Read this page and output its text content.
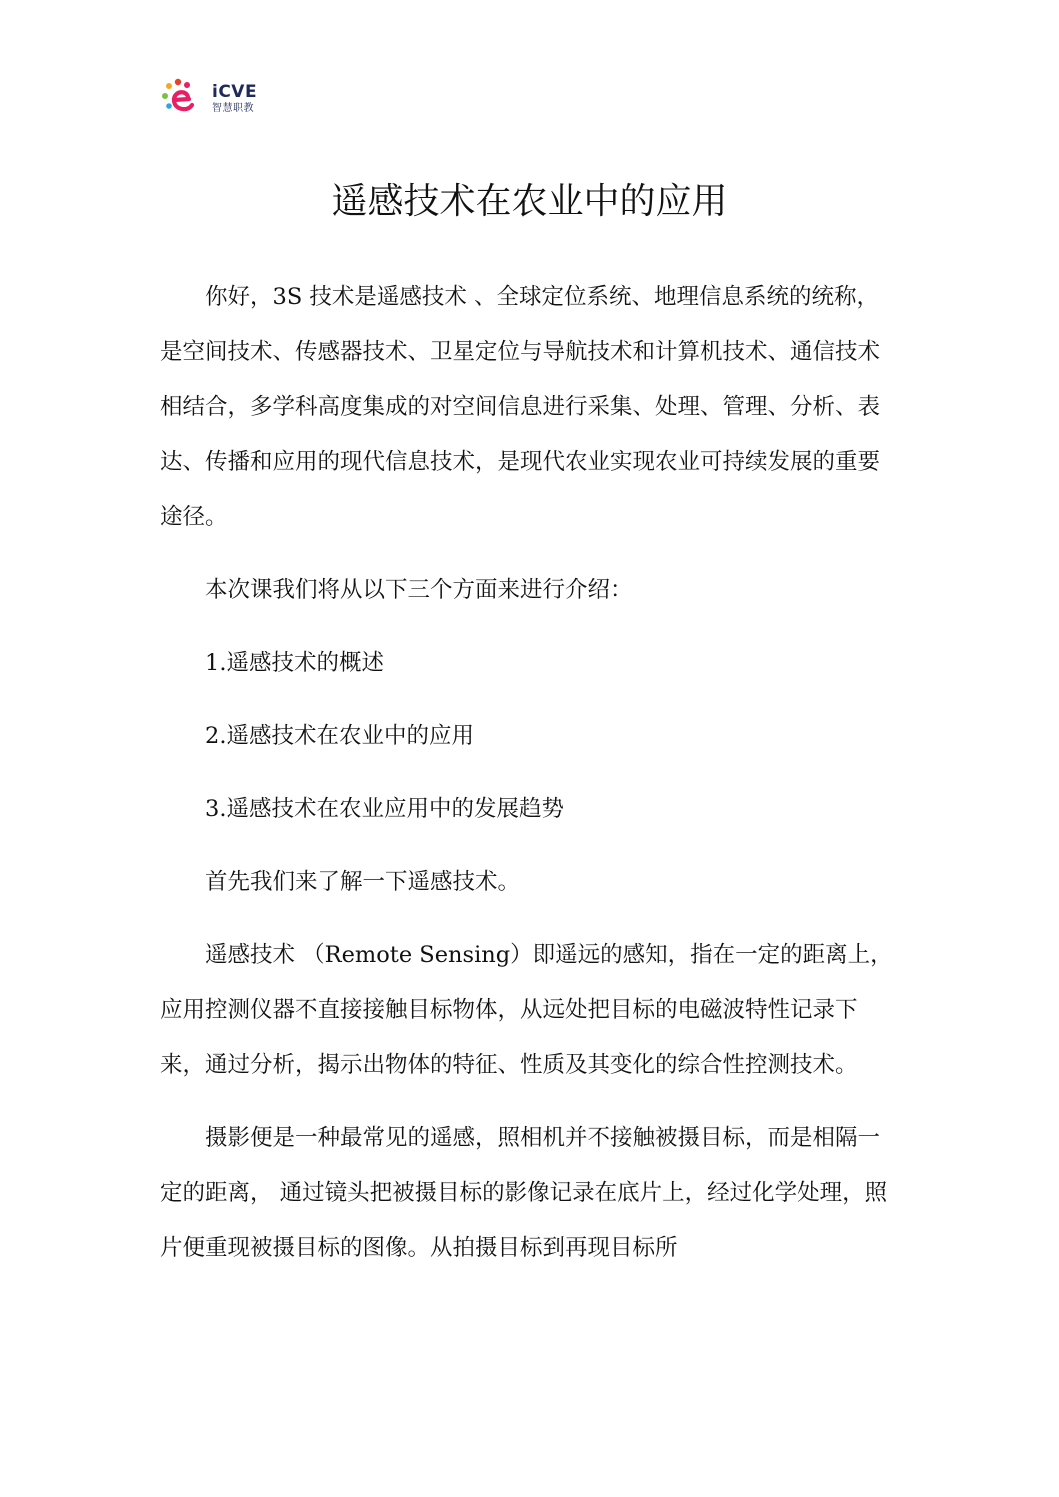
iCVE
智慧职教
遥感技术在农业中的应用

你好，3S 技术是遥感技术 、全球定位系统、地理信息系统的统称，是空间技术、传感器技术、卫星定位与导航技术和计算机技术、通信技术相结合，多学科高度集成的对空间信息进行采集、处理、管理、分析、表达、传播和应用的现代信息技术，是现代农业实现农业可持续发展的重要途径。

本次课我们将从以下三个方面来进行介绍：

1.遥感技术的概述

2.遥感技术在农业中的应用

3.遥感技术在农业应用中的发展趋势

首先我们来了解一下遥感技术。

遥感技术 （Remote Sensing）即遥远的感知，指在一定的距离上，应用控测仪器不直接接触目标物体，从远处把目标的电磁波特性记录下来，通过分析，揭示出物体的特征、性质及其变化的综合性控测技术。

摄影便是一种最常见的遥感，照相机并不接触被摄目标，而是相隔一定的距离， 通过镜头把被摄目标的影像记录在底片上，经过化学处理，照片便重现被摄目标的图像。从拍摄目标到再现目标所
